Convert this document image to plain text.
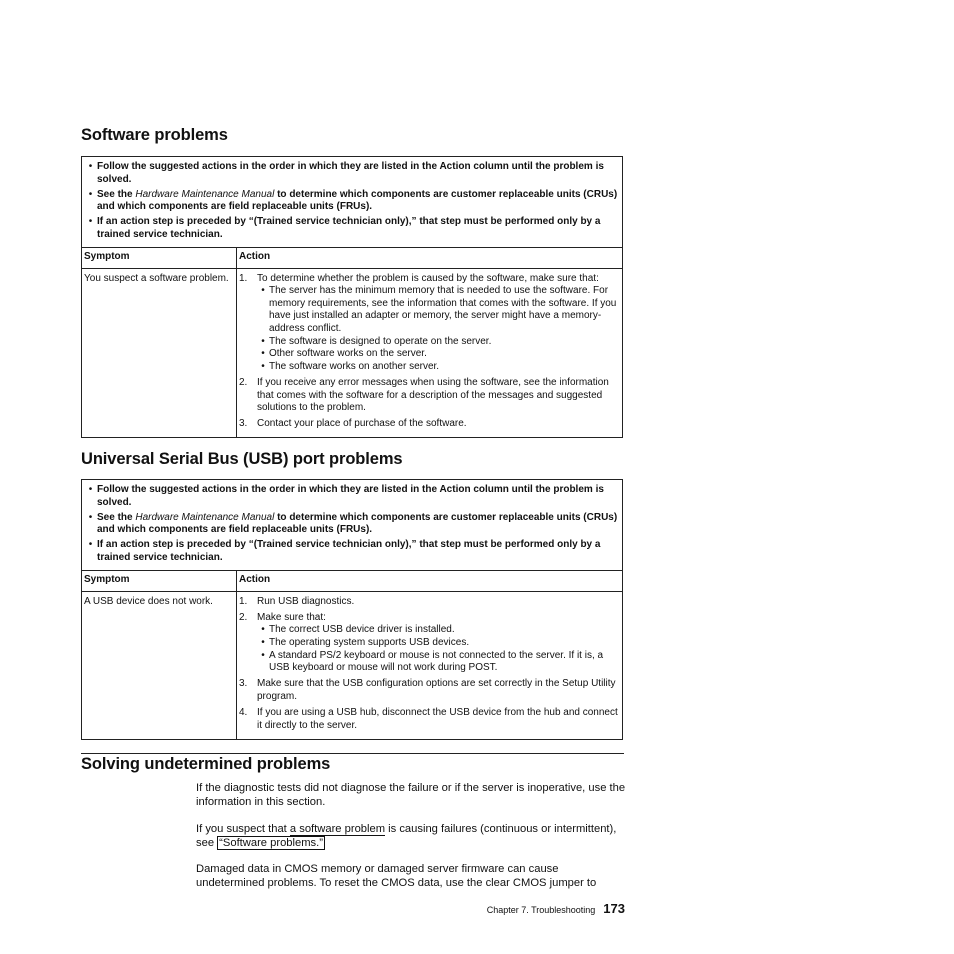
Software problems
• Follow the suggested actions in the order in which they are listed in the Action column until the problem is solved.
• See the Hardware Maintenance Manual to determine which components are customer replaceable units (CRUs) and which components are field replaceable units (FRUs).
• If an action step is preceded by “(Trained service technician only),” that step must be performed only by a trained service technician.
Symptom	Action
You suspect a software problem.	1. To determine whether the problem is caused by the software, make sure that:
• The server has the minimum memory that is needed to use the software. For memory requirements, see the information that comes with the software. If you have just installed an adapter or memory, the server might have a memory-address conflict.
• The software is designed to operate on the server.
• Other software works on the server.
• The software works on another server.
2. If you receive any error messages when using the software, see the information that comes with the software for a description of the messages and suggested solutions to the problem.
3. Contact your place of purchase of the software.
Universal Serial Bus (USB) port problems
• Follow the suggested actions in the order in which they are listed in the Action column until the problem is solved.
• See the Hardware Maintenance Manual to determine which components are customer replaceable units (CRUs) and which components are field replaceable units (FRUs).
• If an action step is preceded by “(Trained service technician only),” that step must be performed only by a trained service technician.
Symptom	Action
A USB device does not work.	1. Run USB diagnostics.
2. Make sure that:
• The correct USB device driver is installed.
• The operating system supports USB devices.
• A standard PS/2 keyboard or mouse is not connected to the server. If it is, a USB keyboard or mouse will not work during POST.
3. Make sure that the USB configuration options are set correctly in the Setup Utility program.
4. If you are using a USB hub, disconnect the USB device from the hub and connect it directly to the server.
Solving undetermined problems

If the diagnostic tests did not diagnose the failure or if the server is inoperative, use the information in this section.

If you suspect that a software problem is causing failures (continuous or intermittent), see “Software problems.”

Damaged data in CMOS memory or damaged server firmware can cause undetermined problems. To reset the CMOS data, use the clear CMOS jumper to

Chapter 7. Troubleshooting 173
